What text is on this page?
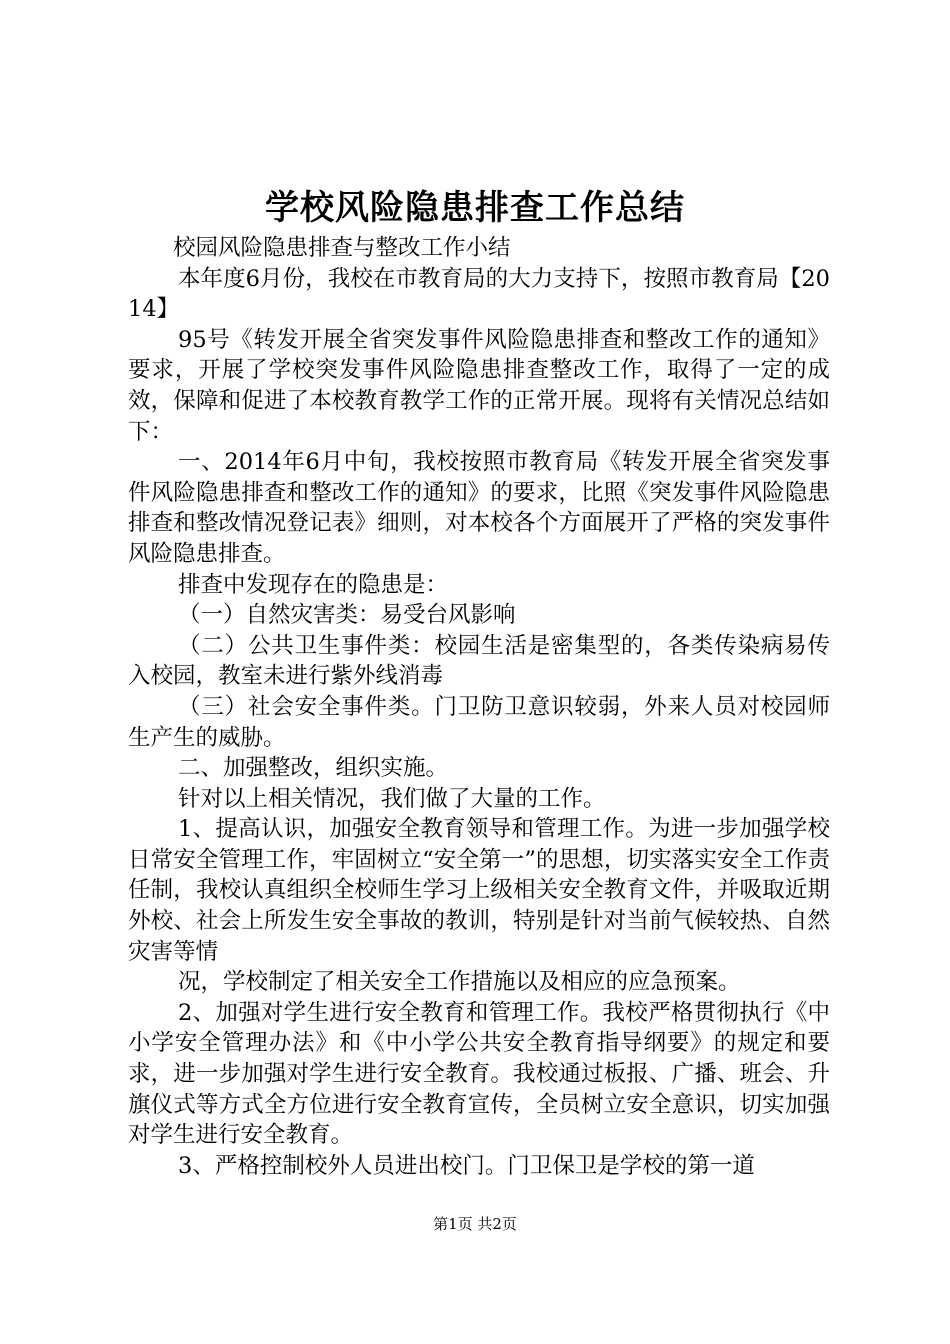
学校风险隐患排查工作总结

校园风险隐患排查与整改工作小结

本年度6月份，我校在市教育局的大力支持下，按照市教育局【2014】

95号《转发开展全省突发事件风险隐患排查和整改工作的通知》要求，开展了学校突发事件风险隐患排查整改工作，取得了一定的成效，保障和促进了本校教育教学工作的正常开展。现将有关情况总结如下：

一、2014年6月中旬，我校按照市教育局《转发开展全省突发事件风险隐患排查和整改工作的通知》的要求，比照《突发事件风险隐患排查和整改情况登记表》细则，对本校各个方面展开了严格的突发事件风险隐患排查。

排查中发现存在的隐患是：

（一）自然灾害类：易受台风影响

（二）公共卫生事件类：校园生活是密集型的，各类传染病易传入校园，教室未进行紫外线消毒

（三）社会安全事件类。门卫防卫意识较弱，外来人员对校园师生产生的威胁。

二、加强整改，组织实施。

针对以上相关情况，我们做了大量的工作。

1、提高认识，加强安全教育领导和管理工作。为进一步加强学校日常安全管理工作，牢固树立“安全第一”的思想，切实落实安全工作责任制，我校认真组织全校师生学习上级相关安全教育文件，并吸取近期外校、社会上所发生安全事故的教训，特别是针对当前气候较热、自然灾害等情

况，学校制定了相关安全工作措施以及相应的应急预案。

2、加强对学生进行安全教育和管理工作。我校严格贯彻执行《中小学安全管理办法》和《中小学公共安全教育指导纲要》的规定和要求，进一步加强对学生进行安全教育。我校通过板报、广播、班会、升旗仪式等方式全方位进行安全教育宣传，全员树立安全意识，切实加强对学生进行安全教育。

3、严格控制校外人员进出校门。门卫保卫是学校的第一道

第1页 共2页
